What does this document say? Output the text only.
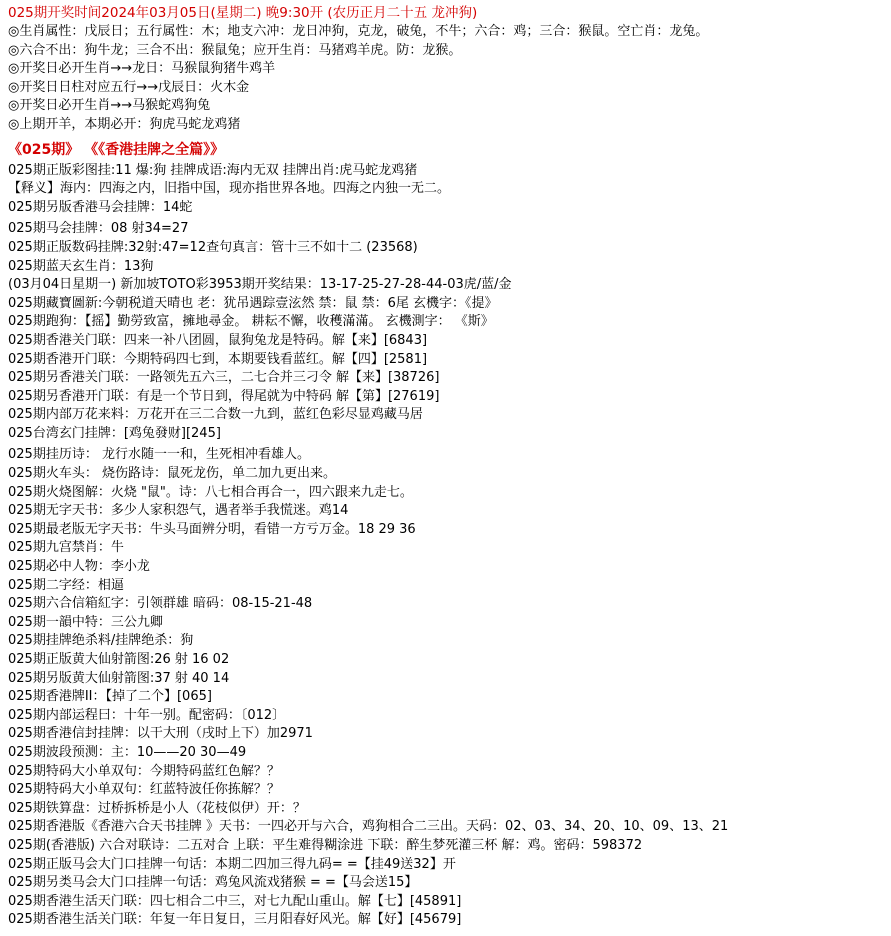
025期开奖时间2024年03月05日(星期二) 晚9:30开 (农历正月二十五 龙冲狗)
◎生肖属性：戊辰日；五行属性：木；地支六冲：龙日冲狗，克龙，破兔，不牛；六合：鸡；三合：猴鼠。空亡肖：龙兔。
◎六合不出：狗牛龙；三合不出：猴鼠兔；应开生肖：马猪鸡羊虎。防：龙猴。
◎开奖日必开生肖→→龙日：马猴鼠狗猪牛鸡羊
◎开奖日日柱对应五行→→戊辰日：火木金
◎开奖日必开生肖→→马猴蛇鸡狗兔
◎上期开羊，本期必开：狗虎马蛇龙鸡猪
《025期》 《《香港挂牌之全篇》》
025期正版彩图挂:11 爆:狗 挂牌成语:海内无双 挂牌出肖:虎马蛇龙鸡猪
【释义】海内：四海之内，旧指中国，现亦指世界各地。四海之内独一无二。
025期另版香港马会挂牌：14蛇
025期马会挂牌：08 射34=27
025期正版数码挂牌:32射:47=12查句真言：管十三不如十二 (23568)
025期蓝天玄生肖：13狗
(03月04日星期一) 新加坡TOTO彩3953期开奖结果：13-17-25-27-28-44-03虎/蓝/金
025期藏寶圖新:今朝税道天晴也 老：犹吊遇踪壹泫然 禁：鼠 禁：6尾 玄機字：《提》
025期跑狗：【摇】勤勞致富，擁地尋金。 耕耘不懈，收穫滿滿。 玄機測字： 《斯》
025期香港关门联：四来一补八团圆，鼠狗兔龙是特码。解【来】[6843]
025期香港开门联：今期特码四七到，本期要钱看蓝红。解【四】[2581]
025期另香港关门联：一路领先五六三，二七合并三刁令 解【来】[38726]
025期另香港开门联：有是一个节日到，得尾就为中特码 解【第】[27619]
025期内部万花来料：万花开在三二合数一九到，蓝红色彩尽显鸡藏马居
025台湾玄门挂牌：[鸡兔發财][245]
025期挂历诗： 龙行水随一一和，生死相冲看雄人。
025期火车头： 烧伤路诗：鼠死龙伤，单二加九更出来。
025期火烧图解：火烧 "鼠"。诗：八七相合再合一，四六跟来九走七。
025期无字天书：多少人家积怨气，遇者举手我慌迷。鸡14
025期最老版无字天书：牛头马面辨分明，看错一方亏万金。18 29 36
025期九宫禁肖：牛
025期必中人物：李小龙
025期二字经：相逼
025期六合信箱紅字：引领群雄 暗码：08-15-21-48
025期一韻中特：三公九卿
025期挂牌绝杀料/挂牌绝杀：狗
025期正版黄大仙射箭图:26 射 16 02
025期另版黄大仙射箭图:37 射 40 14
025期香港牌II：【掉了二个】[065]
025期内部运程曰：十年一别。配密码：〔012〕
025期香港信封挂牌：以干大刑（戌时上下）加2971
025期波段预测：主：10——20 30—49
025期特码大小单双句：今期特码蓝红色解？？
025期特码大小单双句：红蓝特波任你拣解？？
025期铁算盘：过桥拆桥是小人（花枝似伊）开：？
025期香港版《香港六合天书挂牌 》天书：一四必开与六合，鸡狗相合二三出。天码：02、03、34、20、10、09、13、21
025期(香港版) 六合对联诗：二五对合 上联：平生难得糊涂进 下联：醉生梦死灌三杯 解：鸡。密码：598372
025期正版马会大门口挂牌一句话：本期二四加三得九码= =【挂49送32】开
025期另类马会大门口挂牌一句话：鸡兔风流戏猪猴 = =【马会送15】
025期香港生活天门联：四七相合二中三，对七九配山重山。解【七】[45891]
025期香港生活关门联：年复一年日复日，三月阳春好风光。解【好】[45679]
